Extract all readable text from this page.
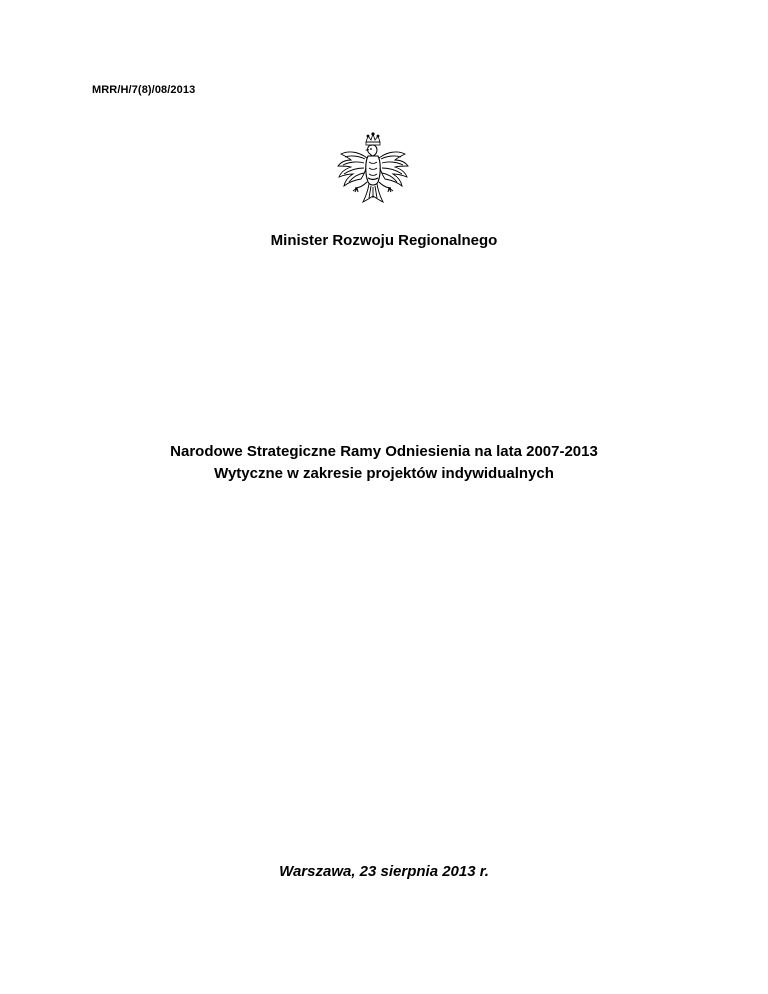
MRR/H/7(8)/08/2013
Minister Rozwoju Regionalnego
Narodowe Strategiczne Ramy Odniesienia na lata 2007-2013
Wytyczne w zakresie projektów indywidualnych
Warszawa, 23 sierpnia 2013 r.
